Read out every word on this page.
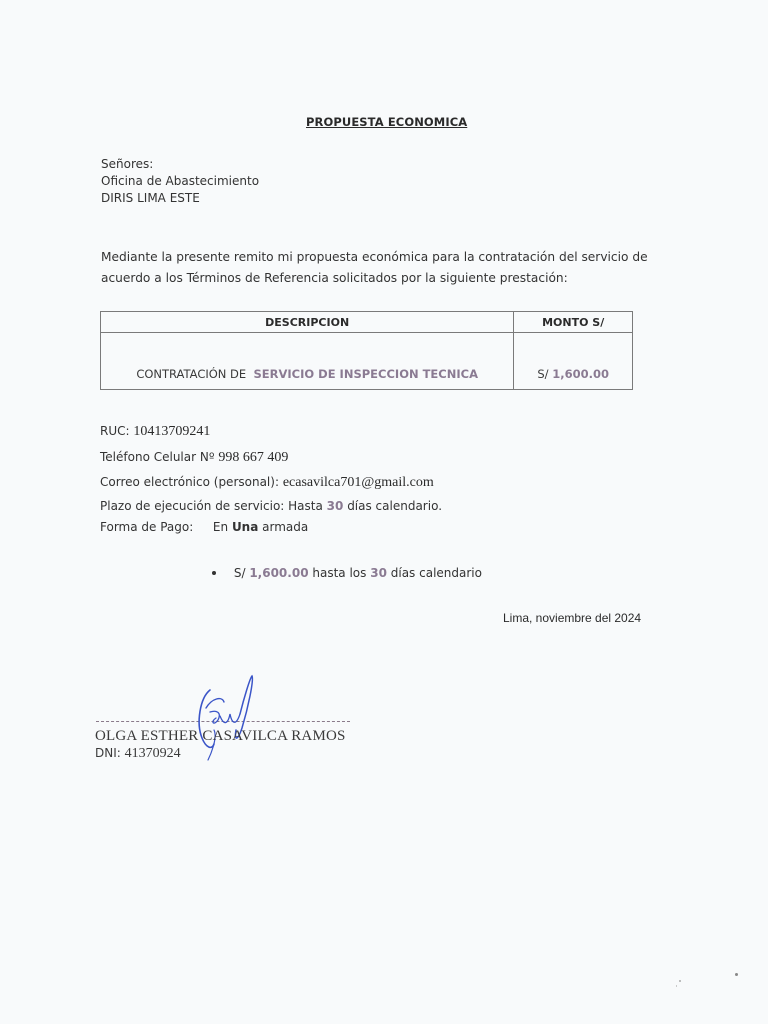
PROPUESTA ECONOMICA
Señores:
Oficina de Abastecimiento
DIRIS LIMA ESTE
Mediante la presente remito mi propuesta económica para la contratación del servicio de acuerdo a los Términos de Referencia solicitados por la siguiente prestación:
DESCRIPCION	MONTO S/
CONTRATACIÓN DE SERVICIO DE INSPECCION TECNICA	S/ 1,600.00
RUC: 10413709241
Teléfono Celular Nº 998 667 409
Correo electrónico (personal): ecasavilca701@gmail.com
Plazo de ejecución de servicio: Hasta 30 días calendario.
Forma de Pago: En Una armada
S/ 1,600.00 hasta los 30 días calendario
Lima, noviembre del 2024
OLGA ESTHER CASAVILCA RAMOS
DNI: 41370924
